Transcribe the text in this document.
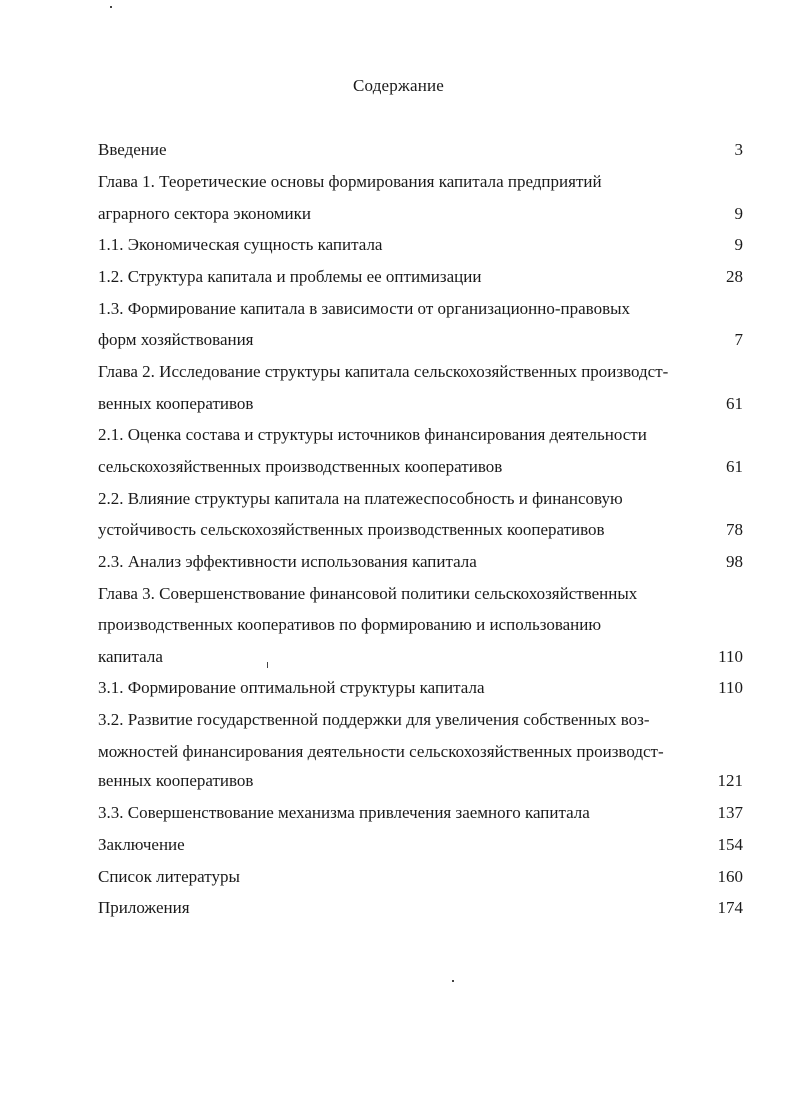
Содержание
Введение	3
Глава 1. Теоретические основы формирования капитала предприятий
аграрного сектора экономики	9
1.1. Экономическая сущность капитала	9
1.2. Структура капитала и проблемы ее оптимизации	28
1.3. Формирование капитала в зависимости от организационно-правовых
форм хозяйствования	7
Глава 2. Исследование структуры капитала сельскохозяйственных производст-
венных кооперативов	61
2.1. Оценка состава и структуры источников финансирования деятельности
сельскохозяйственных производственных кооперативов	61
2.2. Влияние структуры капитала на платежеспособность и финансовую
устойчивость сельскохозяйственных производственных кооперативов	78
2.3. Анализ эффективности использования капитала	98
Глава 3. Совершенствование финансовой политики сельскохозяйственных
производственных кооперативов по формированию и использованию
капитала	110
3.1. Формирование оптимальной структуры капитала	110
3.2. Развитие государственной поддержки для увеличения собственных воз-
можностей финансирования деятельности сельскохозяйственных производст-
венных кооперативов	121
3.3. Совершенствование механизма привлечения заемного капитала	137
Заключение	154
Список литературы	160
Приложения	174
